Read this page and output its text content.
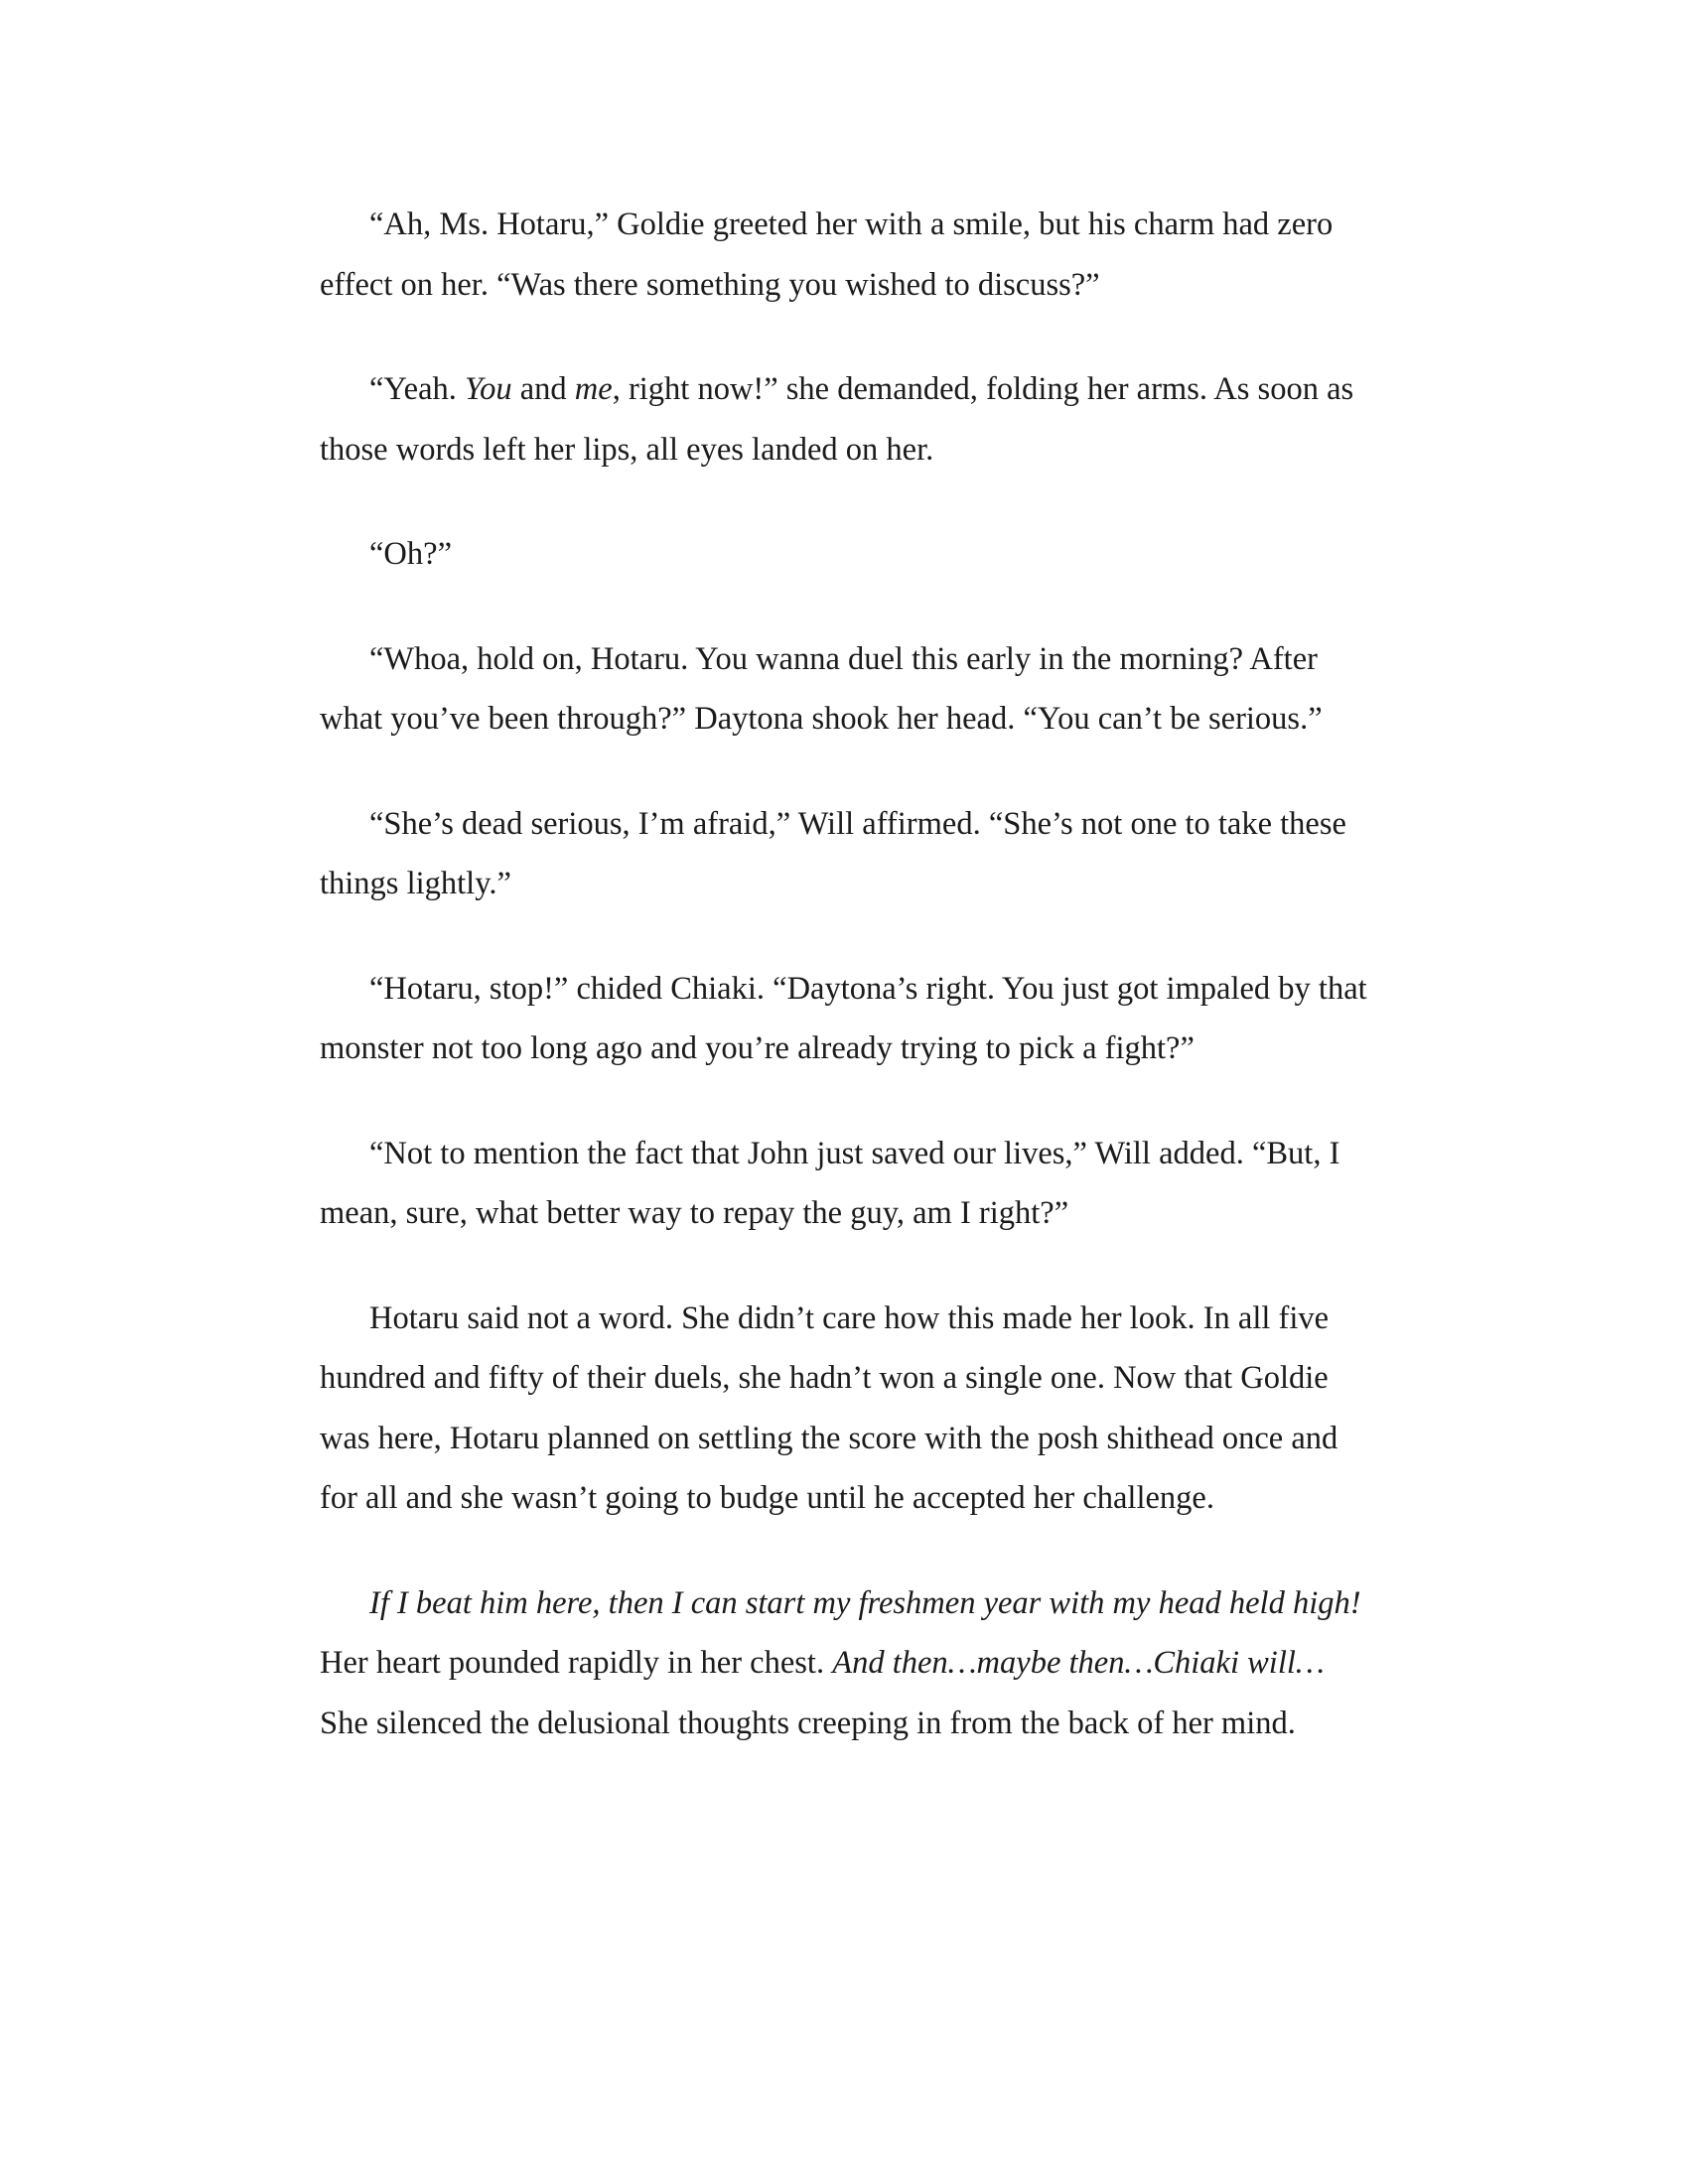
“Ah, Ms. Hotaru,” Goldie greeted her with a smile, but his charm had zero effect on her. “Was there something you wished to discuss?”

“Yeah. You and me, right now!” she demanded, folding her arms. As soon as those words left her lips, all eyes landed on her.

“Oh?”

“Whoa, hold on, Hotaru. You wanna duel this early in the morning? After what you’ve been through?” Daytona shook her head. “You can’t be serious.”

“She’s dead serious, I’m afraid,” Will affirmed. “She’s not one to take these things lightly.”

“Hotaru, stop!” chided Chiaki. “Daytona’s right. You just got impaled by that monster not too long ago and you’re already trying to pick a fight?”

“Not to mention the fact that John just saved our lives,” Will added. “But, I mean, sure, what better way to repay the guy, am I right?”

Hotaru said not a word. She didn’t care how this made her look. In all five hundred and fifty of their duels, she hadn’t won a single one. Now that Goldie was here, Hotaru planned on settling the score with the posh shithead once and for all and she wasn’t going to budge until he accepted her challenge.

If I beat him here, then I can start my freshmen year with my head held high! Her heart pounded rapidly in her chest. And then…maybe then…Chiaki will… She silenced the delusional thoughts creeping in from the back of her mind.
